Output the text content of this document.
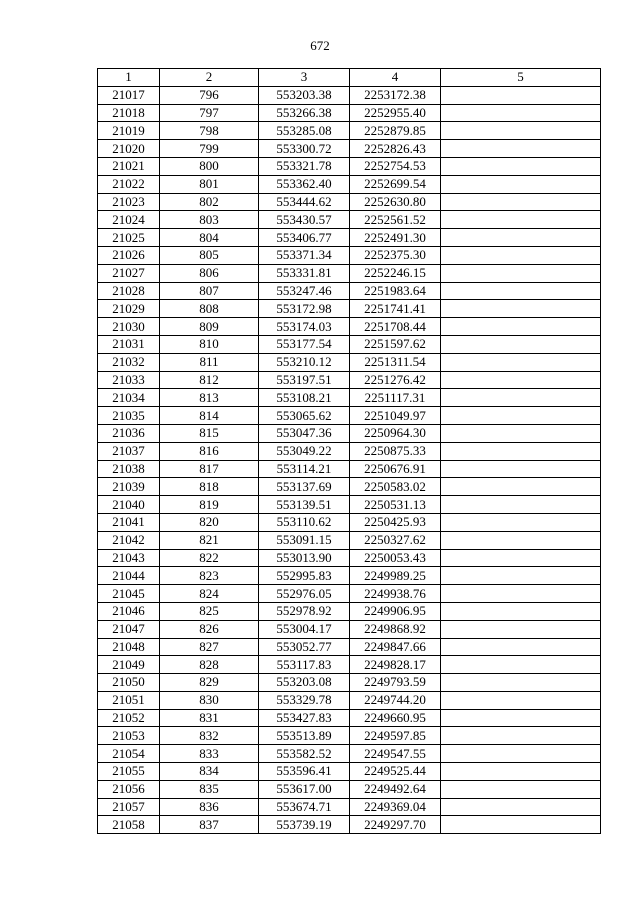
672
1	2	3	4	5
21017	796	553203.38	2253172.38	
21018	797	553266.38	2252955.40	
21019	798	553285.08	2252879.85	
21020	799	553300.72	2252826.43	
21021	800	553321.78	2252754.53	
21022	801	553362.40	2252699.54	
21023	802	553444.62	2252630.80	
21024	803	553430.57	2252561.52	
21025	804	553406.77	2252491.30	
21026	805	553371.34	2252375.30	
21027	806	553331.81	2252246.15	
21028	807	553247.46	2251983.64	
21029	808	553172.98	2251741.41	
21030	809	553174.03	2251708.44	
21031	810	553177.54	2251597.62	
21032	811	553210.12	2251311.54	
21033	812	553197.51	2251276.42	
21034	813	553108.21	2251117.31	
21035	814	553065.62	2251049.97	
21036	815	553047.36	2250964.30	
21037	816	553049.22	2250875.33	
21038	817	553114.21	2250676.91	
21039	818	553137.69	2250583.02	
21040	819	553139.51	2250531.13	
21041	820	553110.62	2250425.93	
21042	821	553091.15	2250327.62	
21043	822	553013.90	2250053.43	
21044	823	552995.83	2249989.25	
21045	824	552976.05	2249938.76	
21046	825	552978.92	2249906.95	
21047	826	553004.17	2249868.92	
21048	827	553052.77	2249847.66	
21049	828	553117.83	2249828.17	
21050	829	553203.08	2249793.59	
21051	830	553329.78	2249744.20	
21052	831	553427.83	2249660.95	
21053	832	553513.89	2249597.85	
21054	833	553582.52	2249547.55	
21055	834	553596.41	2249525.44	
21056	835	553617.00	2249492.64	
21057	836	553674.71	2249369.04	
21058	837	553739.19	2249297.70	
